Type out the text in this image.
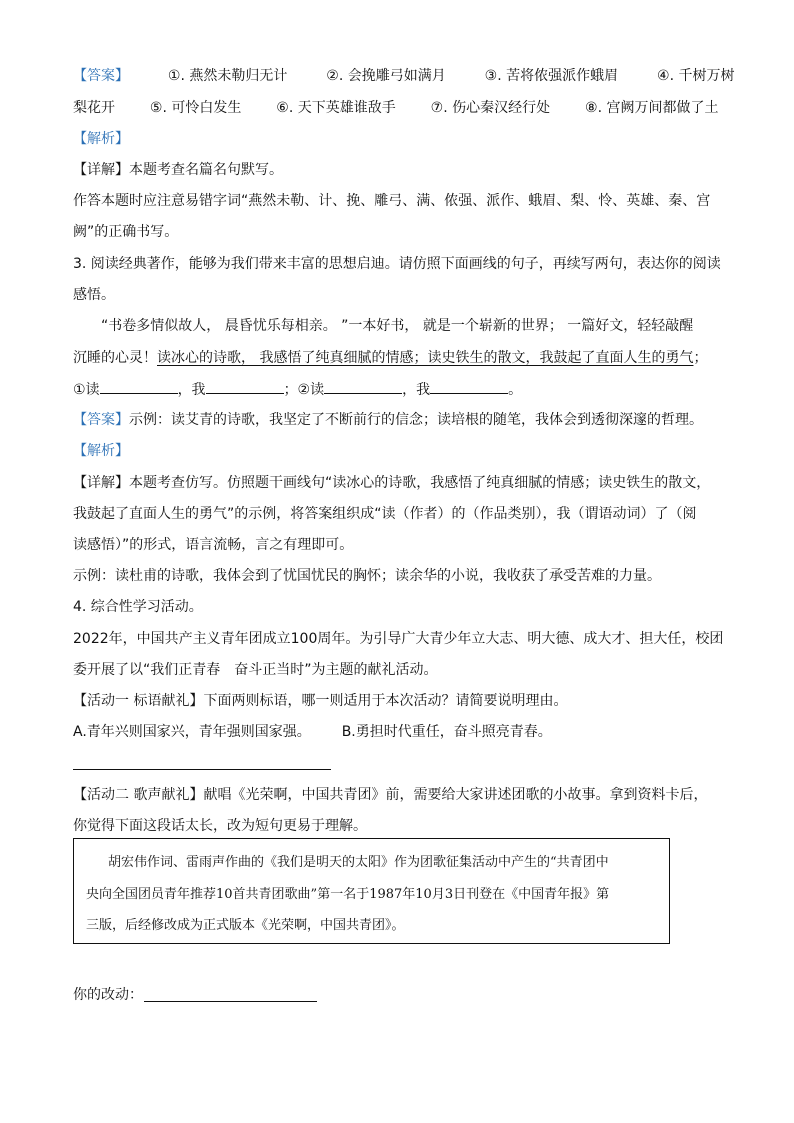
【答案】	①. 燕然未勒归无计	②. 会挽雕弓如满月	③. 苦将侬强派作蛾眉	④. 千树万树
梨花开 ⑤. 可怜白发生 ⑥. 天下英雄谁敌手 ⑦. 伤心秦汉经行处 ⑧. 宫阙万间都做了土
【解析】
【详解】本题考查名篇名句默写。
作答本题时应注意易错字词“燕然未勒、计、挽、雕弓、满、侬强、派作、蛾眉、梨、怜、英雄、秦、宫
阙”的正确书写。
3. 阅读经典著作，能够为我们带来丰富的思想启迪。请仿照下面画线的句子，再续写两句，表达你的阅读
感悟。
“书卷多情似故人， 晨昏忧乐每相亲。 ”一本好书， 就是一个崭新的世界； 一篇好文，轻轻敲醒
沉睡的心灵！读冰心的诗歌， 我感悟了纯真细腻的情感；读史铁生的散文，我鼓起了直面人生的勇气；
①读	，我	；②读	，我	。
【答案】示例：读艾青的诗歌，我坚定了不断前行的信念；读培根的随笔，我体会到透彻深邃的哲理。
【解析】
【详解】本题考查仿写。仿照题干画线句“读冰心的诗歌，我感悟了纯真细腻的情感；读史铁生的散文，
我鼓起了直面人生的勇气”的示例，将答案组织成“读（作者）的（作品类别），我（谓语动词）了（阅
读感悟）”的形式，语言流畅，言之有理即可。
示例：读杜甫的诗歌，我体会到了忧国忧民的胸怀；读余华的小说，我收获了承受苦难的力量。
4. 综合性学习活动。
2022年，中国共产主义青年团成立100周年。为引导广大青少年立大志、明大德、成大才、担大任，校团
委开展了以“我们正青春　奋斗正当时”为主题的献礼活动。
【活动一 标语献礼】下面两则标语，哪一则适用于本次活动？请简要说明理由。
A.青年兴则国家兴，青年强则国家强。 B.勇担时代重任，奋斗照亮青春。
【活动二 歌声献礼】献唱《光荣啊，中国共青团》前，需要给大家讲述团歌的小故事。拿到资料卡后，
你觉得下面这段话太长，改为短句更易于理解。
胡宏伟作词、雷雨声作曲的《我们是明天的太阳》作为团歌征集活动中产生的“共青团中
央向全国团员青年推荐10首共青团歌曲”第一名于1987年10月3日刊登在《中国青年报》第
三版，后经修改成为正式版本《光荣啊，中国共青团》。
你的改动：
